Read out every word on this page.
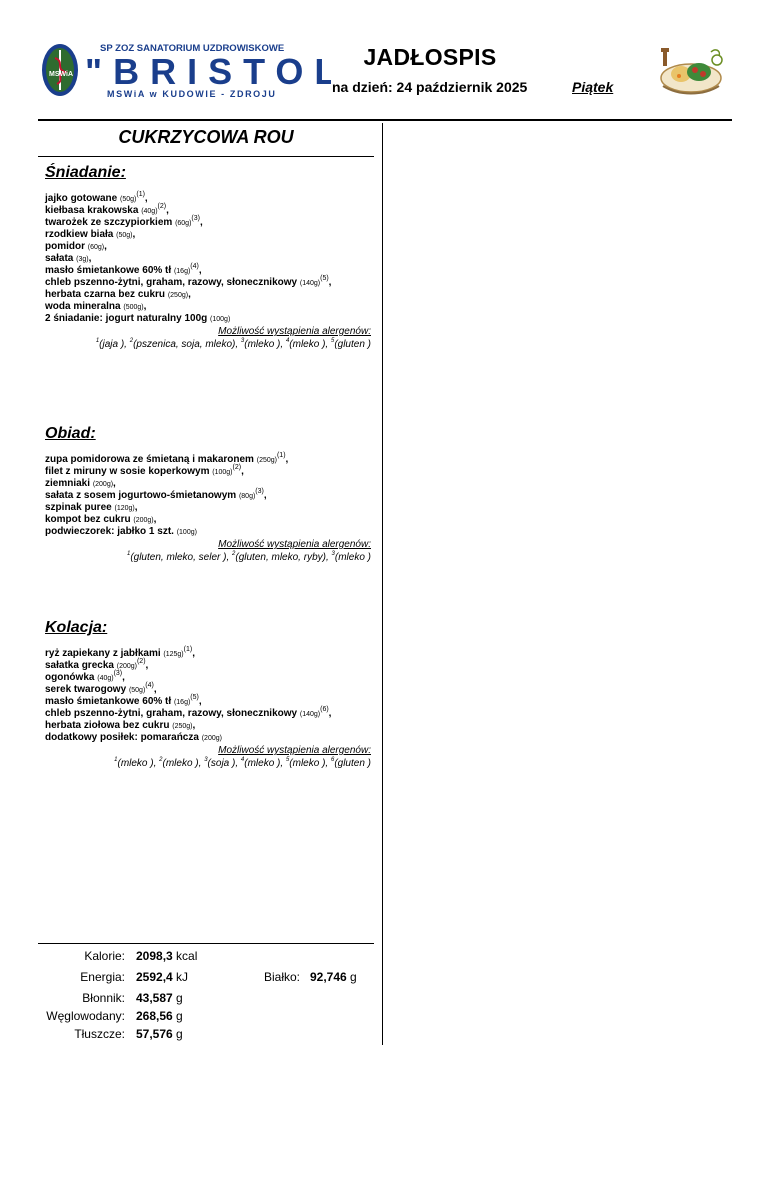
MSWiA
SP ZOZ SANATORIUM UZDROWISKOWE
"BRISTO
MSWiA w KUDOWIE - ZDROJU
JADŁOSPIS
na dzień: 24 październik 2025	Piątek
CUKRZYCOWA ROU
Śniadanie:
jajko gotowane $(50g)^{(1)}$,
kiełbasa krakowska $(40g)^{(2)}$,
twarożek ze szczypiorkiem $(60g)^{(3)}$,
rzodkiew biała (50g),
pomidor (60g),
sałata (3g),
masło śmietankowe 60% tł $(16g)^{(4)}$,
chleb pszenno-żytni, graham, razowy, słonecznikowy $(140g)^{(5)}$,
herbata czarna bez cukru (250g),
woda mineralna (500g),
2 śniadanie: jogurt naturalny 100g (100g)
Możliwość wystąpienia alergenów:
$^1$(jaja ), $^2$(pszenica, soja, mleko), $^3$(mleko ), $^4$(mleko ), $^5$(gluten )
Obiad:
zupa pomidorowa ze śmietaną i makaronem $(250g)^{(1)}$,
filet z miruny w sosie koperkowym $(100g)^{(2)}$,
ziemniaki (200g),
sałata z sosem jogurtowo-śmietanowym $(80g)^{(3)}$,
szpinak puree (120g),
kompot bez cukru (200g),
podwieczorek: jabłko 1 szt. (100g)
Możliwość wystąpienia alergenów:
$^1$(gluten, mleko, seler ), $^2$(gluten, mleko, ryby), $^3$(mleko )
Kolacja:
ryż zapiekany z jabłkami $(125g)^{(1)}$,
sałatka grecka $(200g)^{(2)}$,
ogonówka $(40g)^{(3)}$,
serek twarogowy $(50g)^{(4)}$,
masło śmietankowe 60% tł $(16g)^{(5)}$,
chleb pszenno-żytni, graham, razowy, słonecznikowy $(140g)^{(6)}$,
herbata ziołowa bez cukru (250g),
dodatkowy posiłek: pomarańcza (200g)
Możliwość wystąpienia alergenów:
$^1$(mleko ), $^2$(mleko ), $^3$(soja ), $^4$(mleko ), $^5$(mleko ), $^6$(gluten )
Kalorie: 2098,3 kcal
Energia: 2592,4 kJ
Błonnik: 43,587 g
Węglowodany: 268,56 g
Tłuszcze: 57,576 g
Białko: 92,746 g
